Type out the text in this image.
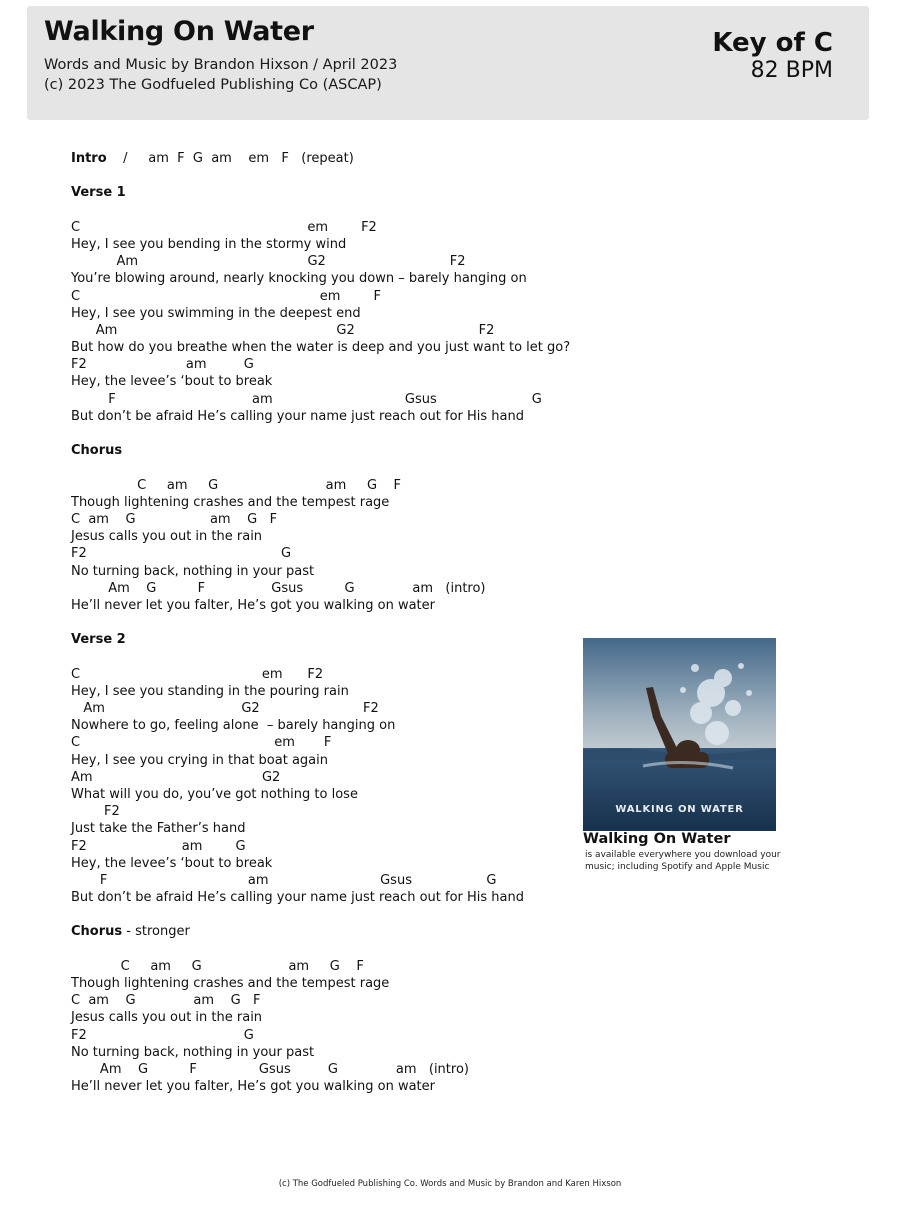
Walking On Water
Words and Music by Brandon Hixson / April 2023
(c) 2023 The Godfueled Publishing Co (ASCAP)
Key of C
82 BPM
Intro    /     am  F  G  am    em   F   (repeat)
Verse 1
C                                                       em        F2
Hey, I see you bending in the stormy wind
Am                                         G2                              F2
You’re blowing around, nearly knocking you down – barely hanging on
C                                                          em        F
Hey, I see you swimming in the deepest end
Am                                                     G2                              F2
But how do you breathe when the water is deep and you just want to let go?
F2                        am         G
Hey, the levee’s ‘bout to break
F                                 am                                Gsus                       G
But don’t be afraid He’s calling your name just reach out for His hand
Chorus
C     am     G                          am     G    F
Though lightening crashes and the tempest rage
C  am    G                  am    G   F
Jesus calls you out in the rain
F2                                               G
No turning back, nothing in your past
Am    G          F                Gsus          G              am   (intro)
He’ll never let you falter, He’s got you walking on water
Verse 2
C                                            em      F2
Hey, I see you standing in the pouring rain
Am                                 G2                         F2
Nowhere to go, feeling alone  – barely hanging on
C                                               em       F
Hey, I see you crying in that boat again
Am                                         G2
What will you do, you’ve got nothing to lose
F2
Just take the Father’s hand
F2                       am        G
Hey, the levee’s ‘bout to break
F                                  am                           Gsus                  G
But don’t be afraid He’s calling your name just reach out for His hand
Chorus - stronger
C     am     G                     am     G    F
Though lightening crashes and the tempest rage
C  am    G              am    G   F
Jesus calls you out in the rain
F2                                      G
No turning back, nothing in your past
Am    G          F               Gsus         G              am   (intro)
He’ll never let you falter, He’s got you walking on water
WALKING ON WATER
Walking On Water
is available everywhere you download your music; including Spotify and Apple Music
(c) The Godfueled Publishing Co. Words and Music by Brandon and Karen Hixson
